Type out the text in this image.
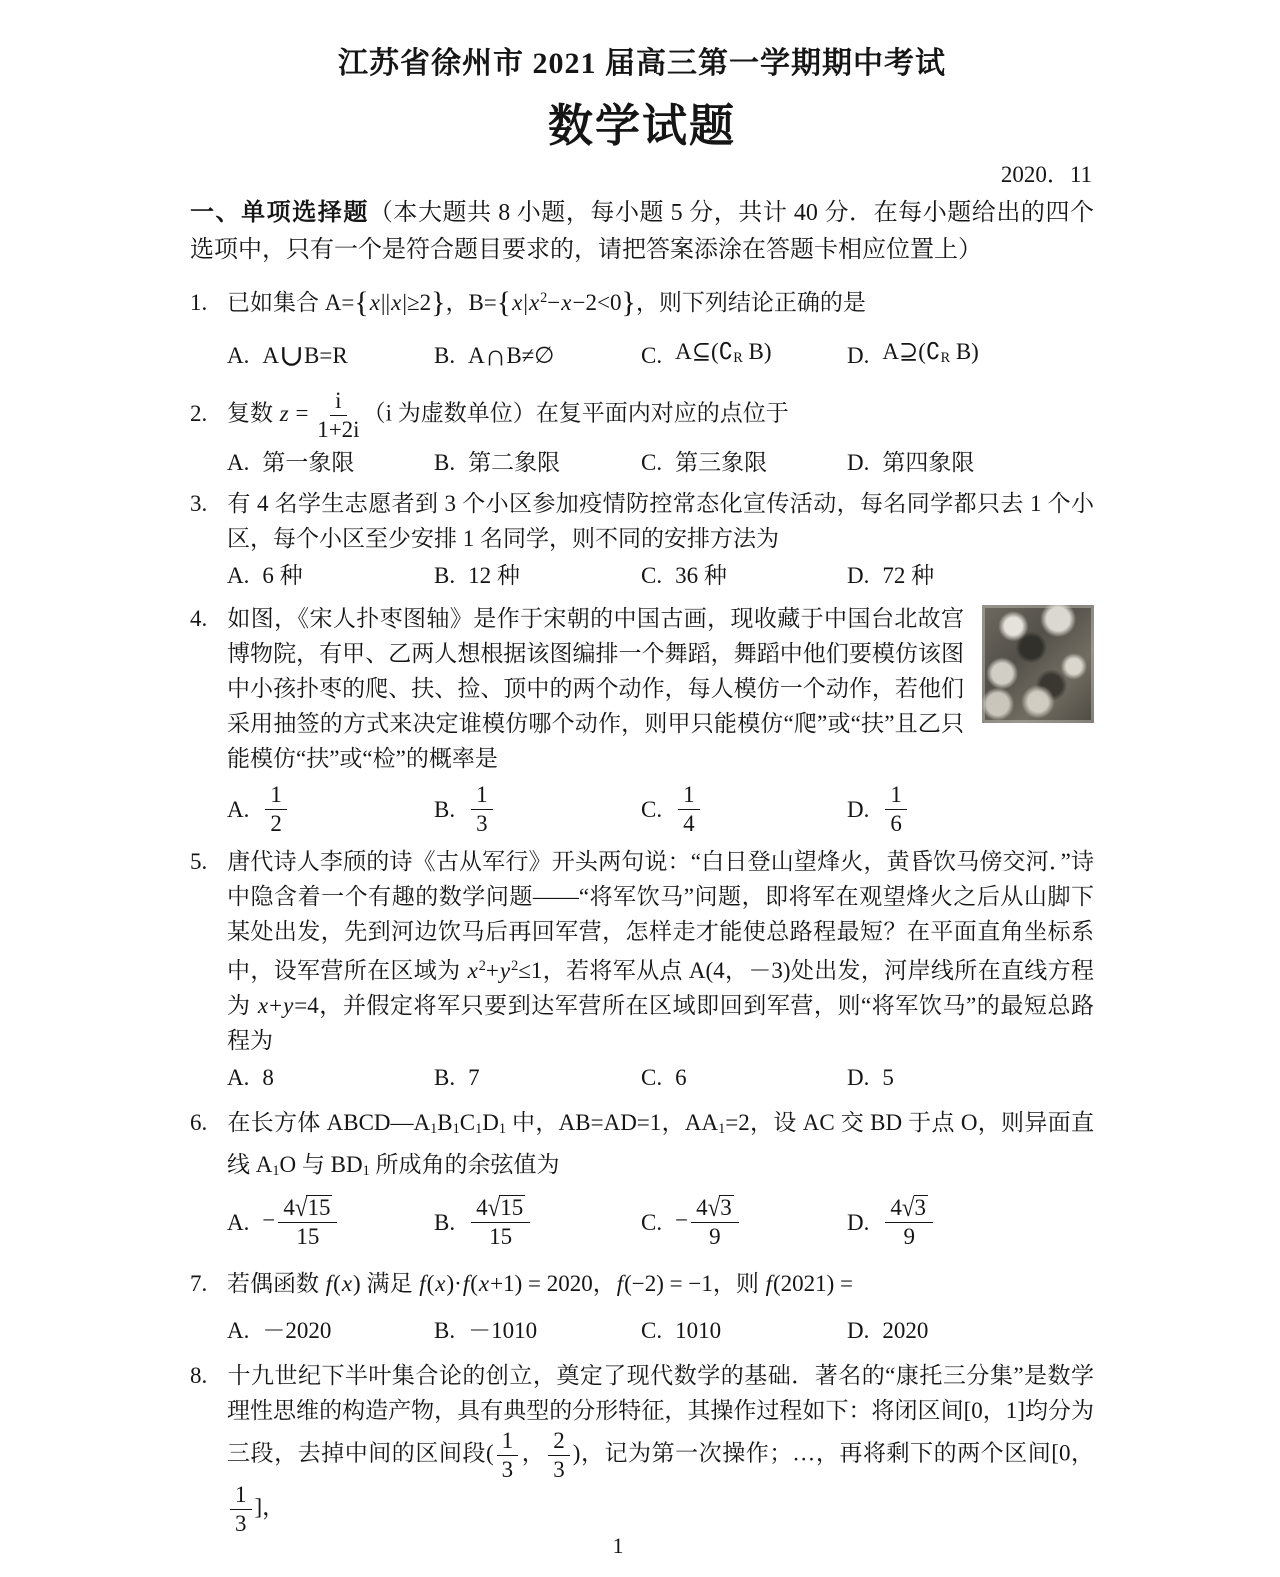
江苏省徐州市 2021 届高三第一学期期中考试
数学试题
2020．11

一、单项选择题（本大题共 8 小题，每小题 5 分，共计 40 分．在每小题给出的四个选项中，只有一个是符合题目要求的，请把答案添涂在答题卡相应位置上）

1. 已如集合 A={x||x|≥2}，$B=\{x|x^2-x-2<0\}$，则下列结论正确的是
A. A∪B=R	B. A∩B≠∅	C. $A⊆(∁_R$ B)	D. $A⊇(∁_R$ B)
2. 复数 $z = \frac{i}{1+2i} (i$ 为虚数单位）在复平面内对应的点位于
A. 第一象限	B. 第二象限	C. 第三象限	D. 第四象限
3. 有 4 名学生志愿者到 3 个小区参加疫情防控常态化宣传活动，每名同学都只去 1 个小区，每个小区至少安排 1 名同学，则不同的安排方法为
A. 6 种	B. 12 种	C. 36 种	D. 72 种
4. 如图，《宋人扑枣图轴》是作于宋朝的中国古画，现收藏于中国台北故宫博物院，有甲、乙两人想根据该图编排一个舞蹈，舞蹈中他们要模仿该图中小孩扑枣的爬、扶、捡、顶中的两个动作，每人模仿一个动作，若他们采用抽签的方式来决定谁模仿哪个动作，则甲只能模仿“爬”或“扶”且乙只能模仿“扶”或“检”的概率是
A. $\frac{1}{2}$	B. $\frac{1}{3}$	C. $\frac{1}{4}$	D. $\frac{1}{6}$
5. 唐代诗人李颀的诗《古从军行》开头两句说：“白日登山望烽火，黄昏饮马傍交河．”诗中隐含着一个有趣的数学问题——“将军饮马”问题，即将军在观望烽火之后从山脚下某处出发，先到河边饮马后再回军营，怎样走才能使总路程最短？在平面直角坐标系中，设军营所在区域为 $x^2+y^2\le 1$，若将军从点 A(4，－3)处出发，河岸线所在直线方程为 x+y=4，并假定将军只要到达军营所在区域即回到军营，则“将军饮马”的最短总路程为
A. 8	B. 7	C. 6	D. 5
6. 在长方体 $ABCD—A_1B_1C_1D_1$ 中，AB=AD=1，$AA_1=2$，设 AC 交 BD 于点 O，则异面直线 $A_1O$ 与 $BD_1$ 所成角的余弦值为
A. − $\frac{4√15}{15}$	B. $\frac{4√15}{15}$	C. − $\frac{4√3}{9}$	D. $\frac{4√3}{9}$
7. 若偶函数 f(x) 满足 f(x)·f(x+1) = 2020，f(−2) = −1，则 f(2021) =
A. －2020	B. －1010	C. 1010	D. 2020
8. 十九世纪下半叶集合论的创立，奠定了现代数学的基础．著名的“康托三分集”是数学理性思维的构造产物，具有典型的分形特征，其操作过程如下：将闭区间[0，1]均分为三段，去掉中间的区间段( $\frac{1}{3}$ ， $\frac{2}{3}$ )，记为第一次操作；…，再将剩下的两个区间[0，
$\frac{1}{3}$ ]，
1
